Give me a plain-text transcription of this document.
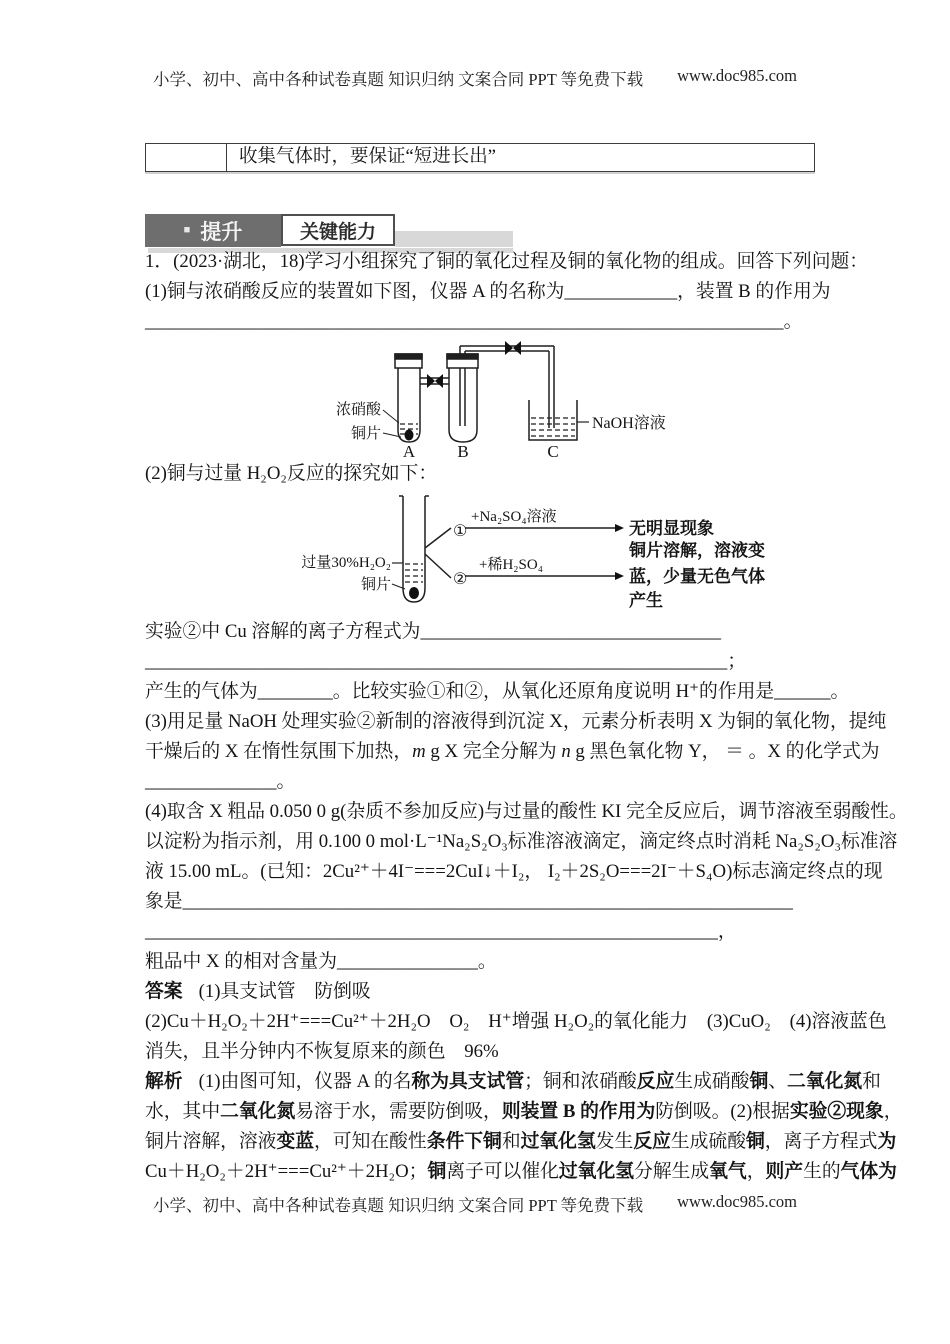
小学、初中、高中各种试卷真题 知识归纳 文案合同 PPT 等免费下载 www.doc985.com
收集气体时，要保证“短进长出”
■ 提升	关键能力
1．(2023·湖北，18)学习小组探究了铜的氧化过程及铜的氧化物的组成。回答下列问题：
(1)铜与浓硝酸反应的装置如下图，仪器 A 的名称为____________，装置 B 的作用为
____________________________________________________________________。
浓硝酸
铜片
NaOH溶液
A B	C
(2)铜与过量 H₂O₂反应的探究如下：
过量30%H₂O₂
铜片
+Na₂SO₄溶液
+稀H₂SO₄
①
②
无明显现象
铜片溶解，溶液变
蓝，少量无色气体
产生
实验②中 Cu 溶解的离子方程式为________________________________
______________________________________________________________；
产生的气体为________。比较实验①和②，从氧化还原角度说明 H⁺的作用是______。
(3)用足量 NaOH 处理实验②新制的溶液得到沉淀 X，元素分析表明 X 为铜的氧化物，提纯
干燥后的 X 在惰性氛围下加热，m g X 完全分解为 n g 黑色氧化物 Y， ＝ 。X 的化学式为
______________。
(4)取含 X 粗品 0.050 0 g(杂质不参加反应)与过量的酸性 KI 完全反应后，调节溶液至弱酸性。
以淀粉为指示剂，用 0.100 0 mol·L⁻¹Na₂S₂O₃标准溶液滴定，滴定终点时消耗 Na₂S₂O₃标准溶
液 15.00 mL。(已知：2Cu²⁺＋4I⁻===2CuI↓＋I₂， I₂＋2S₂O===2I⁻＋S₄O)标志滴定终点的现
象是_________________________________________________________________
_____________________________________________________________，
粗品中 X 的相对含量为_______________。
答案 (1)具支试管　防倒吸
(2)Cu＋H₂O₂＋2H⁺===Cu²⁺＋2H₂O　O₂　H⁺增强 H₂O₂的氧化能力　(3)CuO₂　(4)溶液蓝色
消失，且半分钟内不恢复原来的颜色　96%
解析 (1)由图可知，仪器 A 的名称为具支试管；铜和浓硝酸反应生成硝酸铜、二氧化氮和
水，其中二氧化氮易溶于水，需要防倒吸，则装置 B 的作用为防倒吸。(2)根据实验②现象，
铜片溶解，溶液变蓝，可知在酸性条件下铜和过氧化氢发生反应生成硫酸铜，离子方程式为
Cu＋H₂O₂＋2H⁺===Cu²⁺＋2H₂O；铜离子可以催化过氧化氢分解生成氧气，则产生的气体为
小学、初中、高中各种试卷真题 知识归纳 文案合同 PPT 等免费下载 www.doc985.com
